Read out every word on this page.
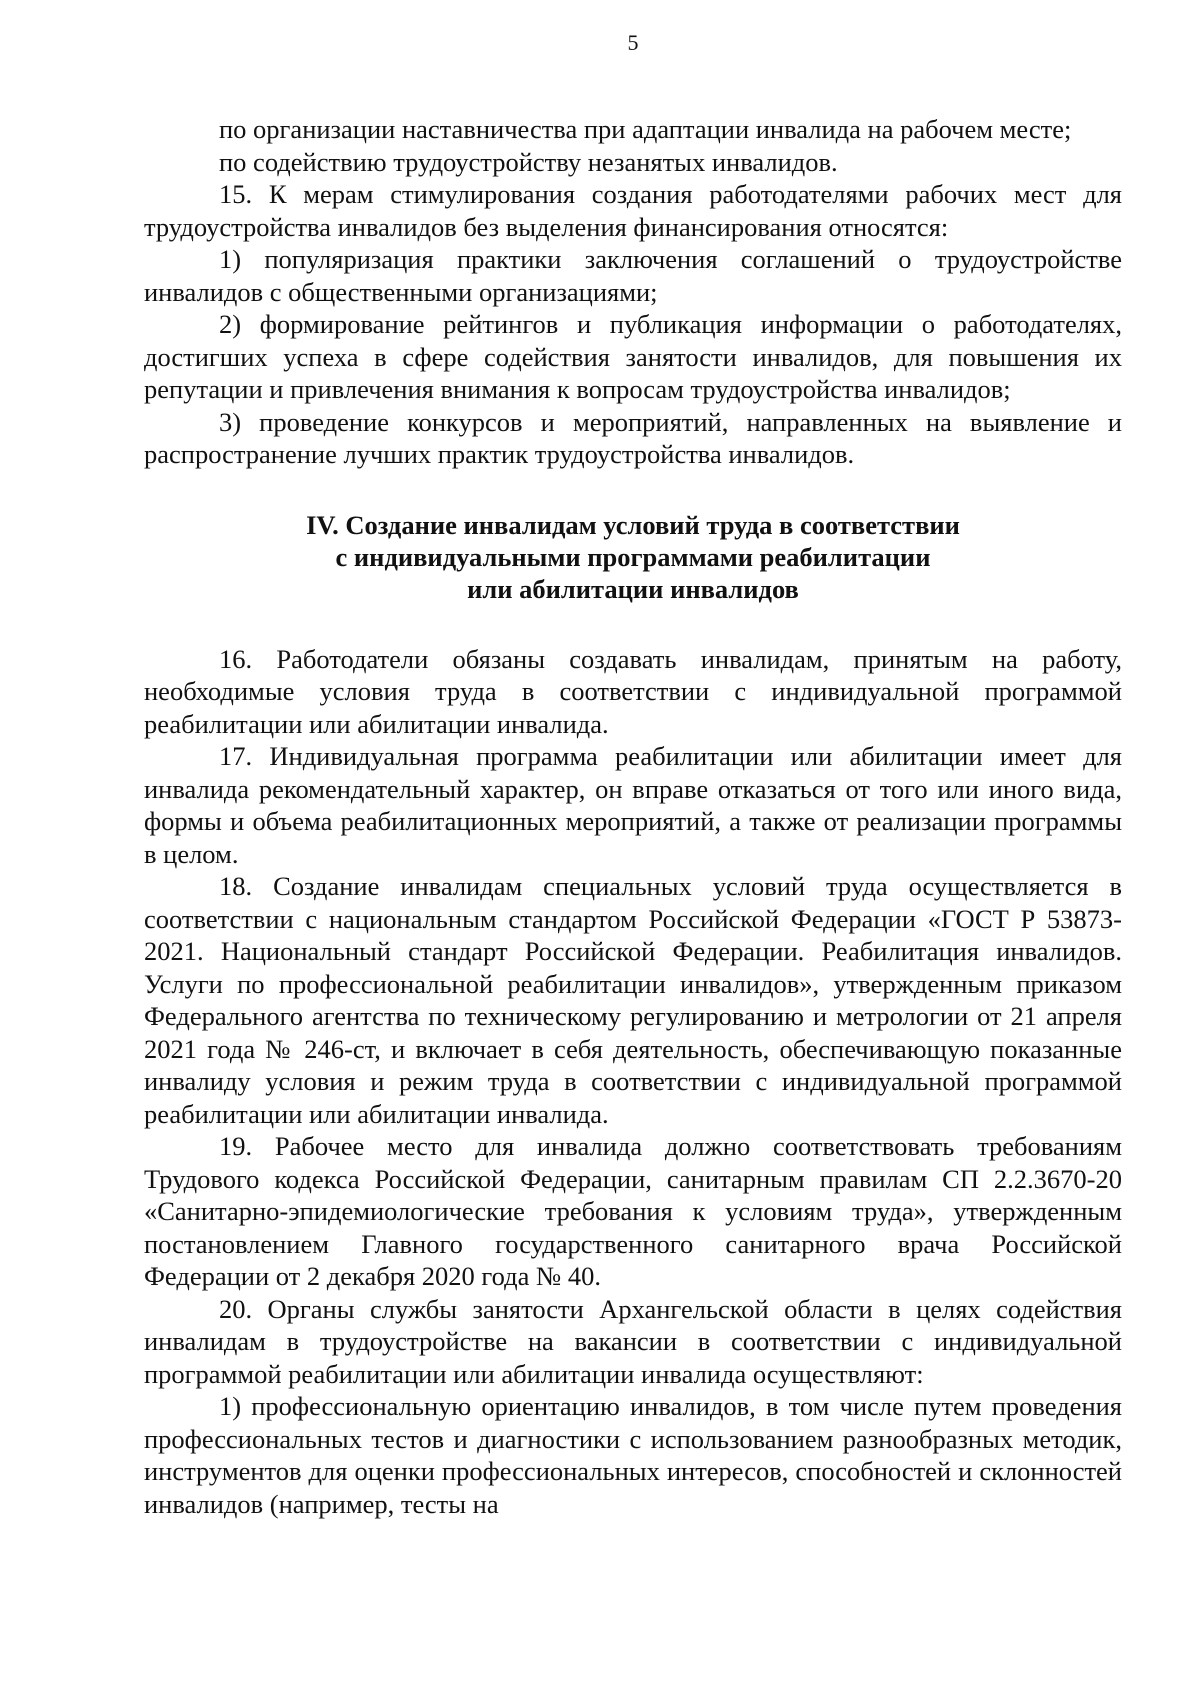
5

по организации наставничества при адаптации инвалида на рабочем месте;

по содействию трудоустройству незанятых инвалидов.

15. К мерам стимулирования создания работодателями рабочих мест для трудоустройства инвалидов без выделения финансирования относятся:

1) популяризация практики заключения соглашений о трудоустройстве инвалидов с общественными организациями;

2) формирование рейтингов и публикация информации о работодателях, достигших успеха в сфере содействия занятости инвалидов, для повышения их репутации и привлечения внимания к вопросам трудоустройства инвалидов;

3) проведение конкурсов и мероприятий, направленных на выявление и распространение лучших практик трудоустройства инвалидов.

IV. Создание инвалидам условий труда в соответствии
с индивидуальными программами реабилитации
или абилитации инвалидов

16. Работодатели обязаны создавать инвалидам, принятым на работу, необходимые условия труда в соответствии с индивидуальной программой реабилитации или абилитации инвалида.

17. Индивидуальная программа реабилитации или абилитации имеет для инвалида рекомендательный характер, он вправе отказаться от того или иного вида, формы и объема реабилитационных мероприятий, а также от реализации программы в целом.

18. Создание инвалидам специальных условий труда осуществляется в соответствии с национальным стандартом Российской Федерации «ГОСТ Р 53873-2021. Национальный стандарт Российской Федерации. Реабилитация инвалидов. Услуги по профессиональной реабилитации инвалидов», утвержденным приказом Федерального агентства по техническому регулированию и метрологии от 21 апреля 2021 года № 246-ст, и включает в себя деятельность, обеспечивающую показанные инвалиду условия и режим труда в соответствии с индивидуальной программой реабилитации или абилитации инвалида.

19. Рабочее место для инвалида должно соответствовать требованиям Трудового кодекса Российской Федерации, санитарным правилам СП 2.2.3670-20 «Санитарно-эпидемиологические требования к условиям труда», утвержденным постановлением Главного государственного санитарного врача Российской Федерации от 2 декабря 2020 года № 40.

20. Органы службы занятости Архангельской области в целях содействия инвалидам в трудоустройстве на вакансии в соответствии с индивидуальной программой реабилитации или абилитации инвалида осуществляют:

1) профессиональную ориентацию инвалидов, в том числе путем проведения профессиональных тестов и диагностики с использованием разнообразных методик, инструментов для оценки профессиональных интересов, способностей и склонностей инвалидов (например, тесты на
